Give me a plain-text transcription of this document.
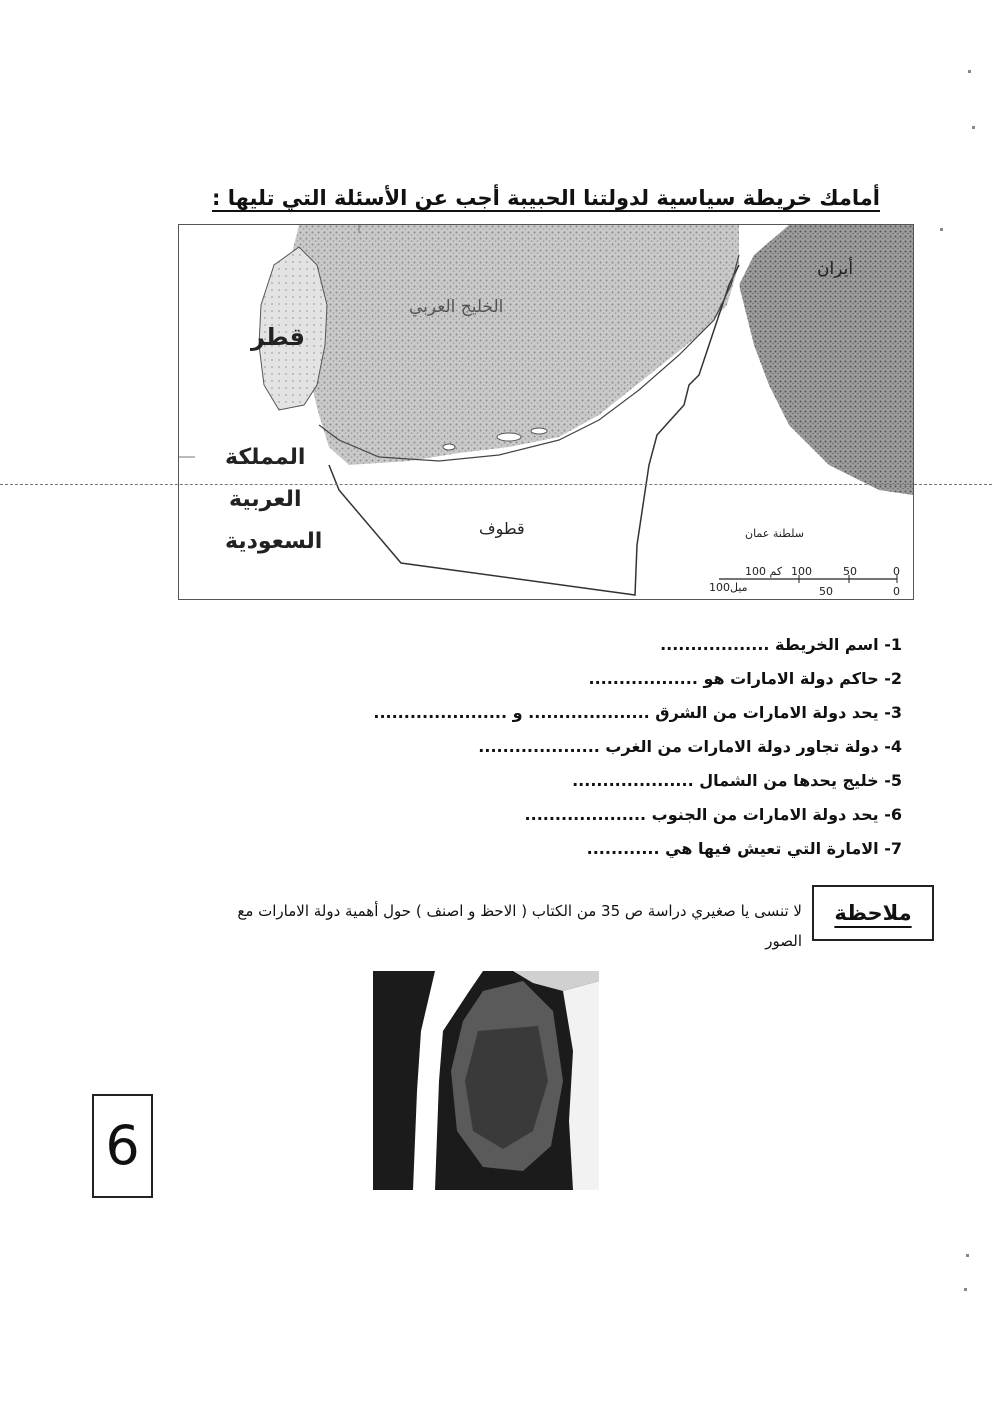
أمامك خريطة سياسية لدولتنا الحبيبة أجب عن الأسئلة التي تليها :
أيران
الخليج العربي
قطر
المملكة
العربية
السعودية
قطوف	سلطنة عمان
100 كم	0
50
100
100ميل	0
50
1- اسم الخريطة ..................
2- حاكم دولة الامارات هو ..................
3- يحد دولة الامارات من الشرق .................... و ......................
4- دولة تجاور دولة الامارات من الغرب ....................
5- خليج يحدها من الشمال ....................
6- يحد دولة الامارات من الجنوب ....................
7- الامارة التي تعيش فيها هي ............
ملاحظة
لا تنسى يا صغيري دراسة ص 35 من الكتاب ( الاحظ و اصنف ) حول أهمية دولة الامارات مع الصور
6
